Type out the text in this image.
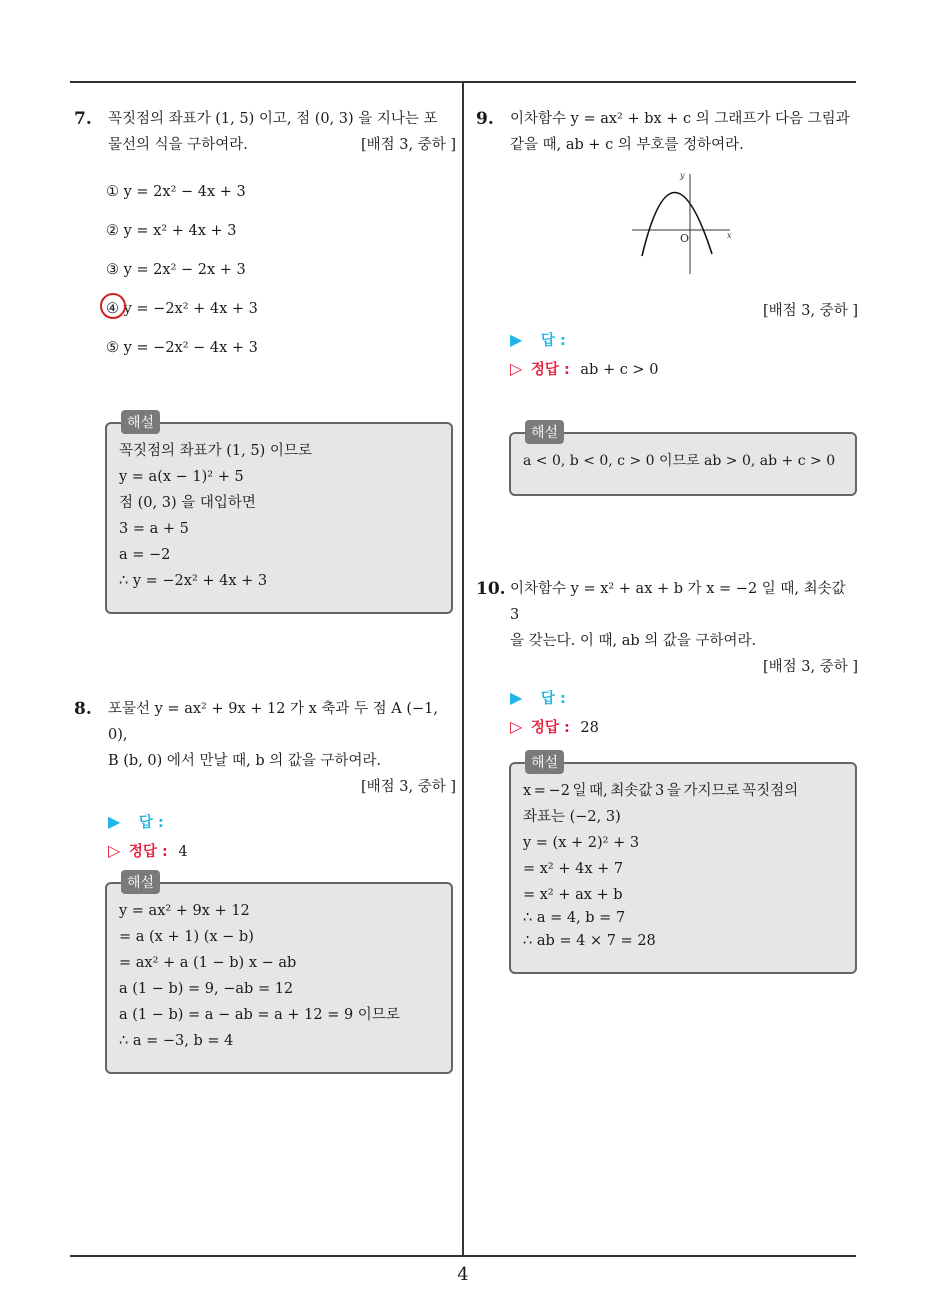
7. 꼭짓점의 좌표가 (1, 5) 이고, 점 (0, 3) 을 지나는 포
물선의 식을 구하여라.	[배점 3, 중하 ]
① y = 2x² − 4x + 3
② y = x² + 4x + 3
③ y = 2x² − 2x + 3
④ y = −2x² + 4x + 3
⑤ y = −2x² − 4x + 3
해설
꼭짓점의 좌표가 (1, 5) 이므로
y = a(x − 1)² + 5
점 (0, 3) 을 대입하면
3 = a + 5
a = −2
∴ y = −2x² + 4x + 3
8. 포물선 y = ax² + 9x + 12 가 x 축과 두 점 A (−1, 0),
B (b, 0) 에서 만날 때, b 의 값을 구하여라.
[배점 3, 중하 ]
▶ 답 :
▷ 정답 : 4
해설
y = ax² + 9x + 12
= a (x + 1) (x − b)
= ax² + a (1 − b) x − ab
a (1 − b) = 9, −ab = 12
a (1 − b) = a − ab = a + 12 = 9 이므로
∴ a = −3, b = 4
9. 이차함수 y = ax² + bx + c 의 그래프가 다음 그림과
같을 때, ab + c 의 부호를 정하여라.
y
x
O
[배점 3, 중하 ]
▶ 답 :
▷ 정답 : ab + c > 0
해설
a < 0, b < 0, c > 0 이므로 ab > 0, ab + c > 0
10. 이차함수 y = x² + ax + b 가 x = −2 일 때, 최솟값 3
을 갖는다. 이 때, ab 의 값을 구하여라.
[배점 3, 중하 ]
▶ 답 :
▷ 정답 : 28
해설
x = −2 일 때, 최솟값 3 을 가지므로 꼭짓점의
좌표는 (−2, 3)
y = (x + 2)² + 3
= x² + 4x + 7
= x² + ax + b
∴ a = 4, b = 7
∴ ab = 4 × 7 = 28
4
